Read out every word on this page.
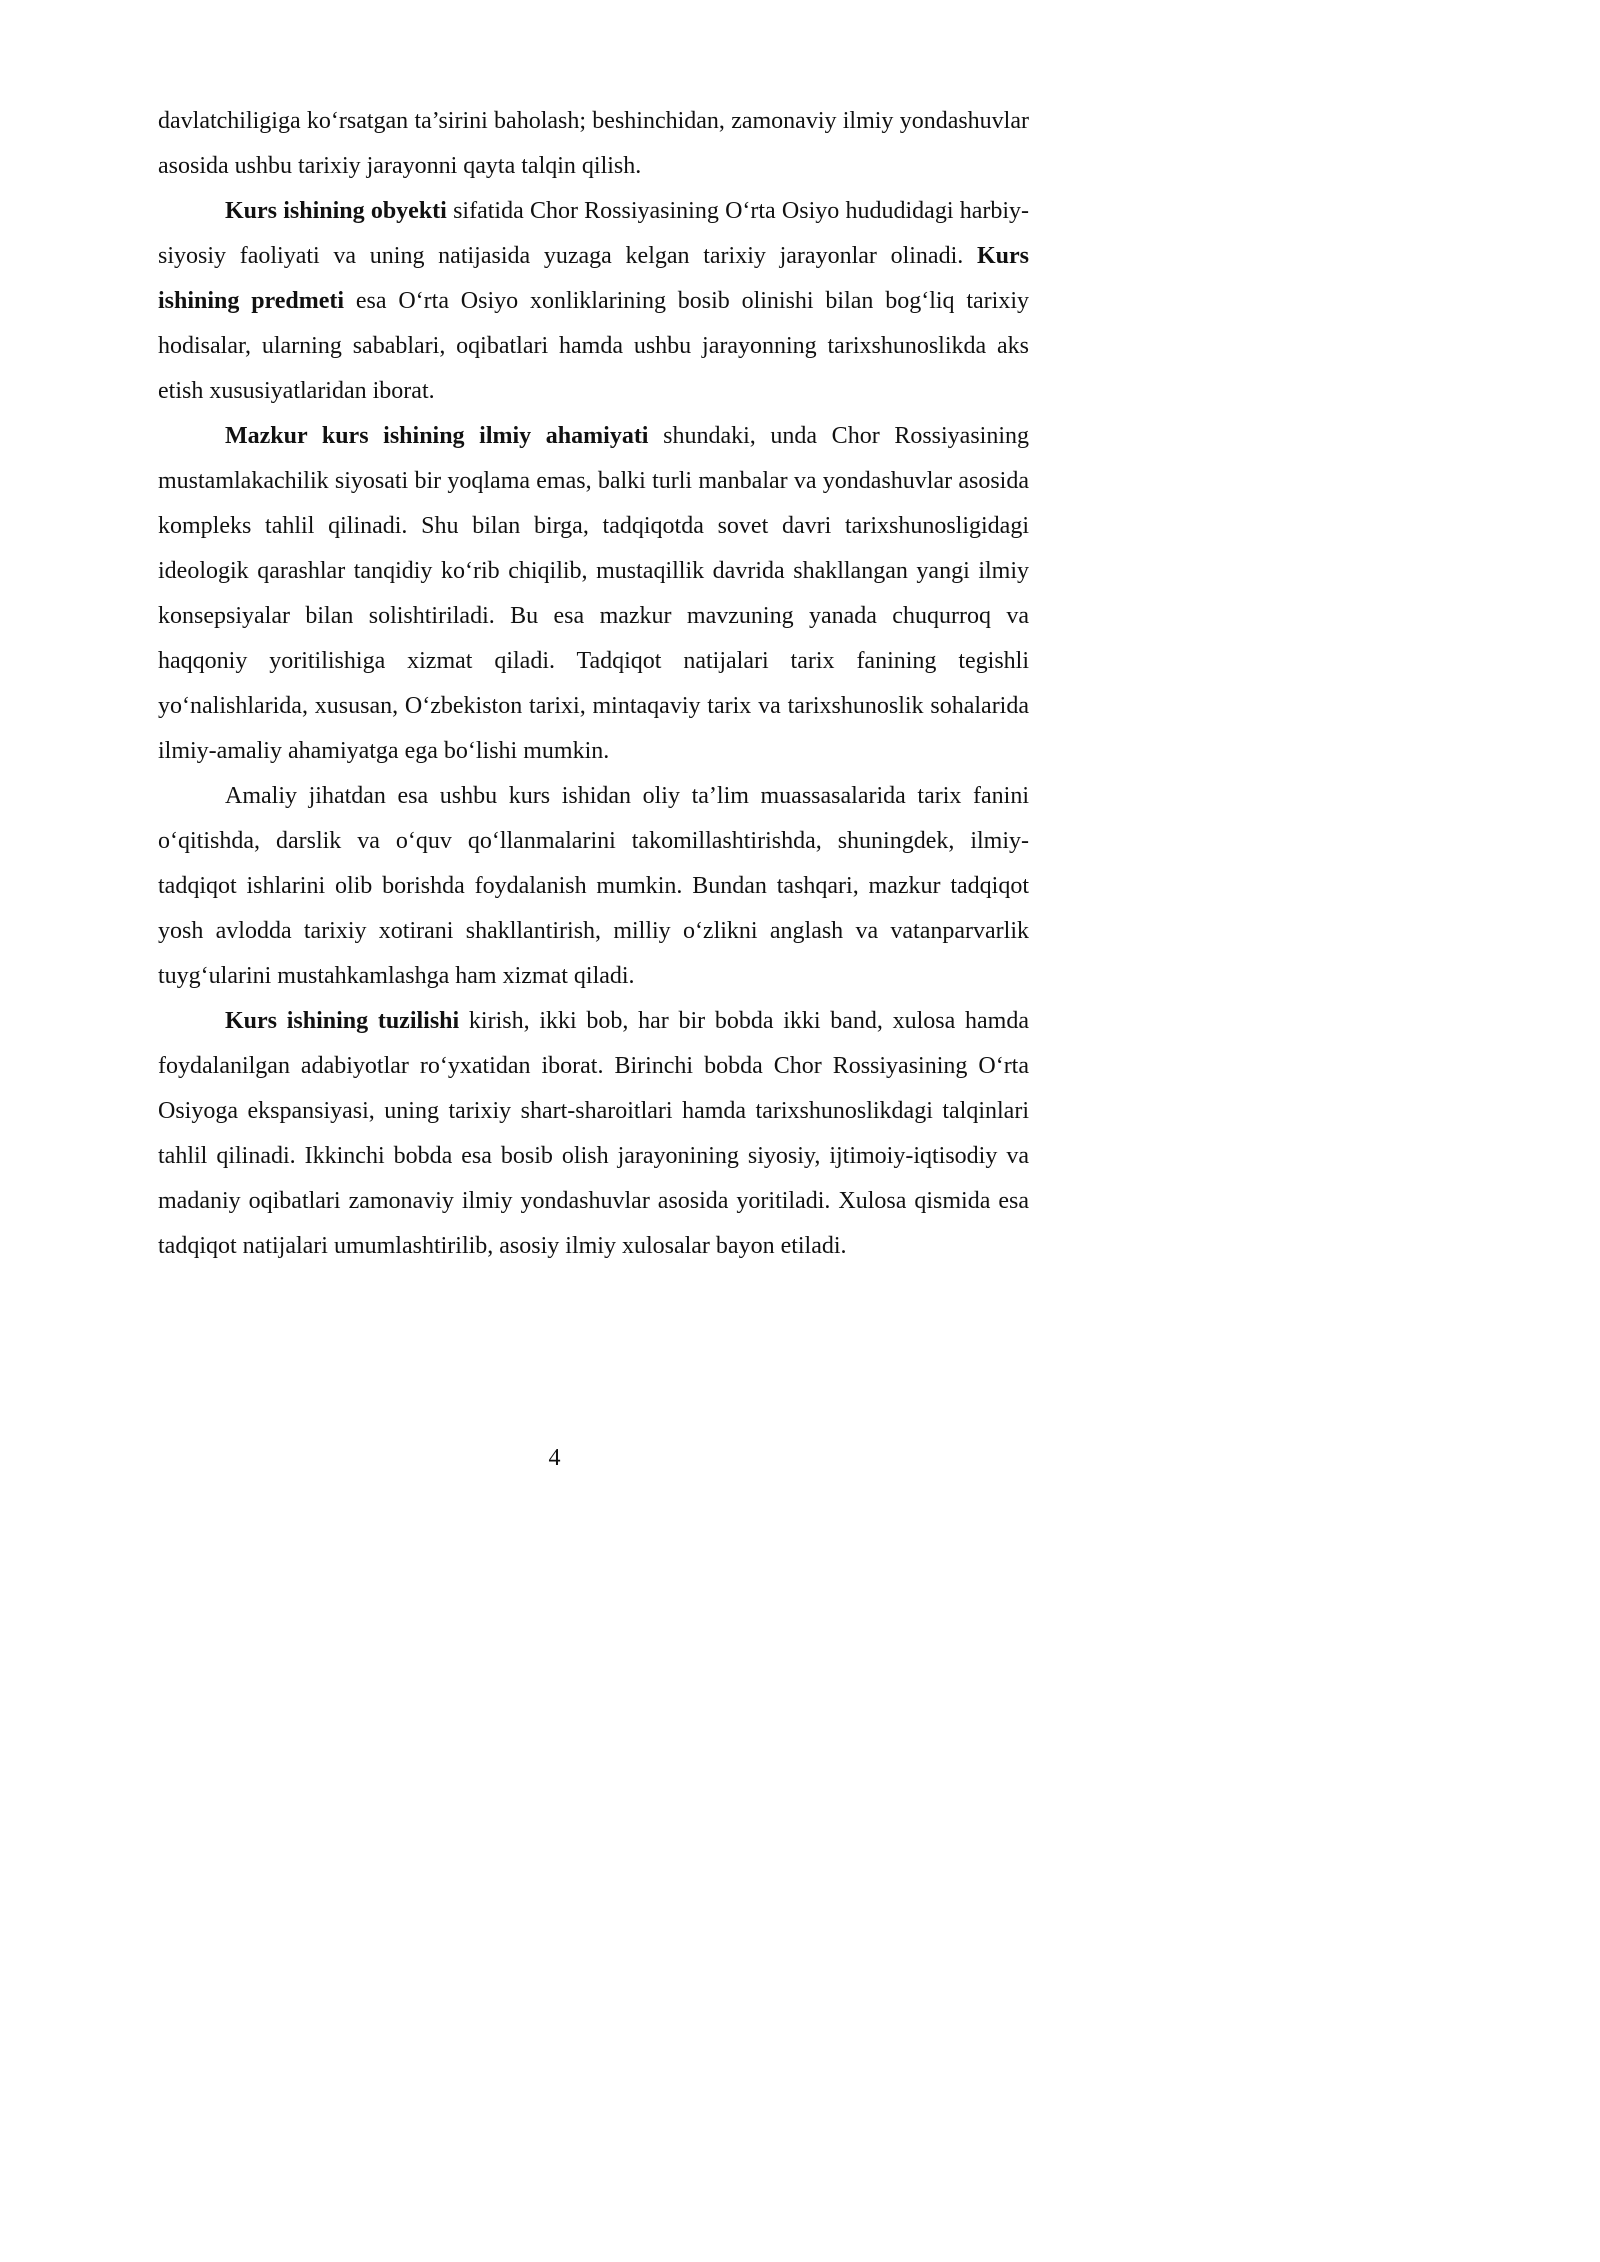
davlatchiligiga ko‘rsatgan ta’sirini baholash; beshinchidan, zamonaviy ilmiy yondashuvlar asosida ushbu tarixiy jarayonni qayta talqin qilish.

Kurs ishining obyekti sifatida Chor Rossiyasining O‘rta Osiyo hududidagi harbiy-siyosiy faoliyati va uning natijasida yuzaga kelgan tarixiy jarayonlar olinadi. Kurs ishining predmeti esa O‘rta Osiyo xonliklarining bosib olinishi bilan bog‘liq tarixiy hodisalar, ularning sabablari, oqibatlari hamda ushbu jarayonning tarixshunoslikda aks etish xususiyatlaridan iborat.

Mazkur kurs ishining ilmiy ahamiyati shundaki, unda Chor Rossiyasining mustamlakachilik siyosati bir yoqlama emas, balki turli manbalar va yondashuvlar asosida kompleks tahlil qilinadi. Shu bilan birga, tadqiqotda sovet davri tarixshunosligidagi ideologik qarashlar tanqidiy ko‘rib chiqilib, mustaqillik davrida shakllangan yangi ilmiy konsepsiyalar bilan solishtiriladi. Bu esa mazkur mavzuning yanada chuqurroq va haqqoniy yoritilishiga xizmat qiladi. Tadqiqot natijalari tarix fanining tegishli yo‘nalishlarida, xususan, O‘zbekiston tarixi, mintaqaviy tarix va tarixshunoslik sohalarida ilmiy-amaliy ahamiyatga ega bo‘lishi mumkin.

Amaliy jihatdan esa ushbu kurs ishidan oliy ta’lim muassasalarida tarix fanini o‘qitishda, darslik va o‘quv qo‘llanmalarini takomillashtirishda, shuningdek, ilmiy-tadqiqot ishlarini olib borishda foydalanish mumkin. Bundan tashqari, mazkur tadqiqot yosh avlodda tarixiy xotirani shakllantirish, milliy o‘zlikni anglash va vatanparvarlik tuyg‘ularini mustahkamlashga ham xizmat qiladi.

Kurs ishining tuzilishi kirish, ikki bob, har bir bobda ikki band, xulosa hamda foydalanilgan adabiyotlar ro‘yxatidan iborat. Birinchi bobda Chor Rossiyasining O‘rta Osiyoga ekspansiyasi, uning tarixiy shart-sharoitlari hamda tarixshunoslikdagi talqinlari tahlil qilinadi. Ikkinchi bobda esa bosib olish jarayonining siyosiy, ijtimoiy-iqtisodiy va madaniy oqibatlari zamonaviy ilmiy yondashuvlar asosida yoritiladi. Xulosa qismida esa tadqiqot natijalari umumlashtirilib, asosiy ilmiy xulosalar bayon etiladi.

4
